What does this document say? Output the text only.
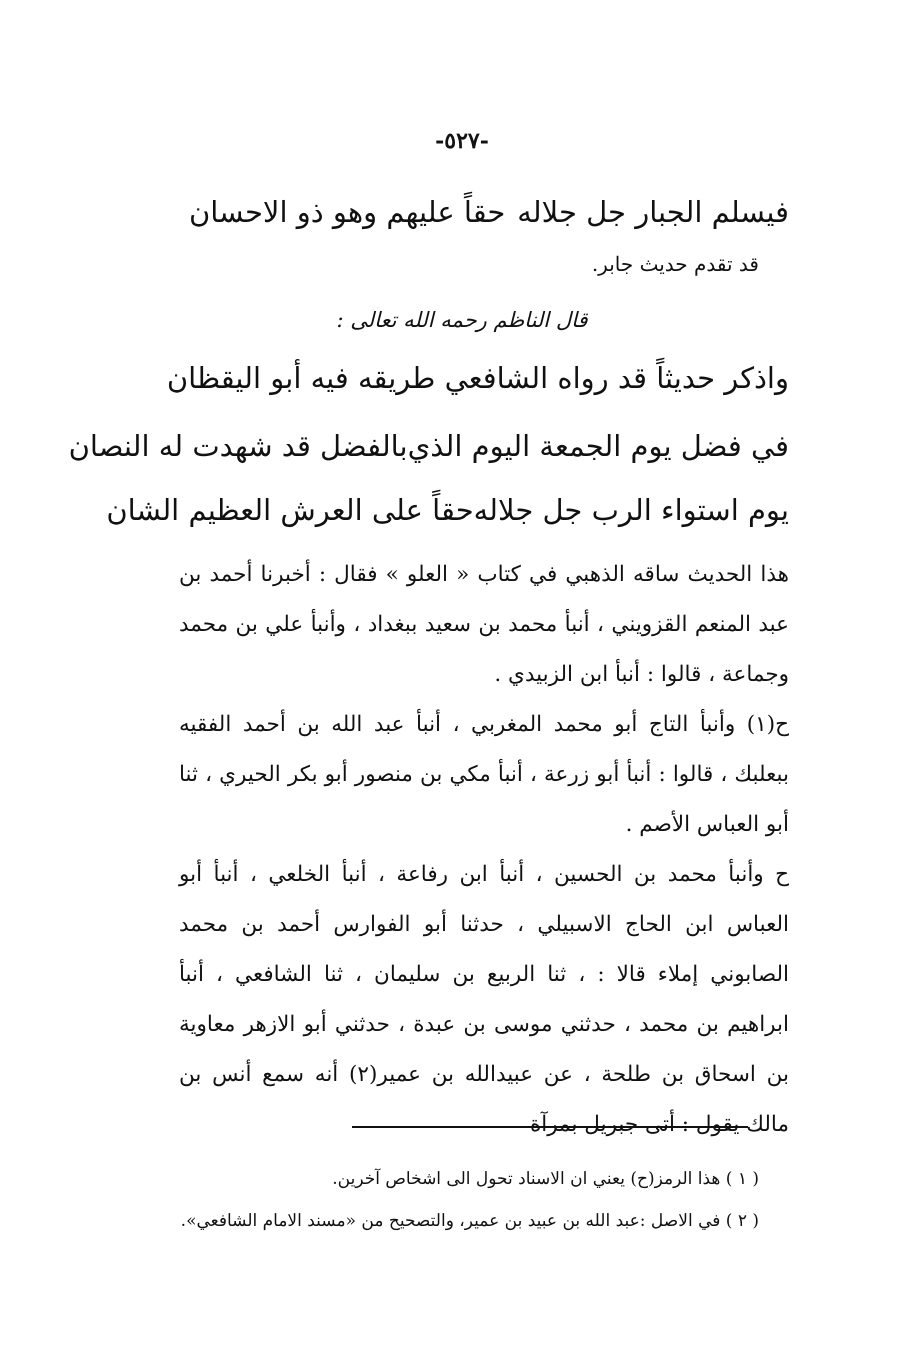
-٥٢٧-
فيسلم الجبار جل جلاله
حقاً عليهم وهو ذو الاحسان
قد تقدم حديث جابر.
قال الناظم رحمه الله تعالى :
واذكر حديثاً قد رواه الشافعي طريقه فيه أبو اليقظان
في فضل يوم الجمعة اليوم الذي
بالفضل قد شهدت له النصان
يوم استواء الرب جل جلاله
حقاً على العرش العظيم الشان

هذا الحديث ساقه الذهبي في كتاب « العلو » فقال : أخبرنا أحمد بن عبد المنعم القزويني ، أنبأ محمد بن سعيد ببغداد ، وأنبأ علي بن محمد وجماعة ، قالوا : أنبأ ابن الزبيدي .

ح(١) وأنبأ التاج أبو محمد المغربي ، أنبأ عبد الله بن أحمد الفقيه ببعلبك ، قالوا : أنبأ أبو زرعة ، أنبأ مكي بن منصور أبو بكر الحيري ، ثنا أبو العباس الأصم .

ح وأنبأ محمد بن الحسين ، أنبأ ابن رفاعة ، أنبأ الخلعي ، أنبأ أبو العباس ابن الحاج الاسبيلي ، حدثنا أبو الفوارس أحمد بن محمد الصابوني إملاء قالا : ، ثنا الربيع بن سليمان ، ثنا الشافعي ، أنبأ ابراهيم بن محمد ، حدثني موسى بن عبدة ، حدثني أبو الازهر معاوية بن اسحاق بن طلحة ، عن عبيدالله بن عمير(٢) أنه سمع أنس بن مالك يقول : أتى جبريل بمرآة

( ١ ) هذا الرمز(ح) يعني ان الاسناد تحول الى اشخاص آخرين.

( ٢ ) في الاصل :عبد الله بن عبيد بن عمير، والتصحيح من «مسند الامام الشافعي».
